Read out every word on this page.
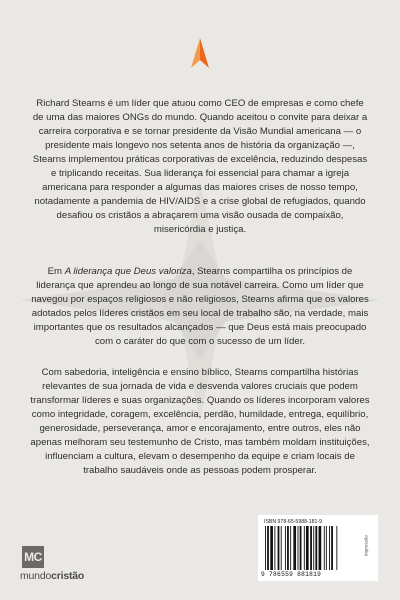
Richard Stearns é um líder que atuou como CEO de empresas e como chefe de uma das maiores ONGs do mundo. Quando aceitou o convite para deixar a carreira corporativa e se tornar presidente da Visão Mundial americana — o presidente mais longevo nos setenta anos de história da organização —, Stearns implementou práticas corporativas de excelência, reduzindo despesas e triplicando receitas. Sua liderança foi essencial para chamar a igreja americana para responder a algumas das maiores crises de nosso tempo, notadamente a pandemia de HIV/AIDS e a crise global de refugiados, quando desafiou os cristãos a abraçarem uma visão ousada de compaixão, misericórdia e justiça.

Em A liderança que Deus valoriza, Stearns compartilha os princípios de liderança que aprendeu ao longo de sua notável carreira. Como um líder que navegou por espaços religiosos e não religiosos, Stearns afirma que os valores adotados pelos líderes cristãos em seu local de trabalho são, na verdade, mais importantes que os resultados alcançados — que Deus está mais preocupado com o caráter do que com o sucesso de um líder.

Com sabedoria, inteligência e ensino bíblico, Stearns compartilha histórias relevantes de sua jornada de vida e desvenda valores cruciais que podem transformar líderes e suas organizações. Quando os líderes incorporam valores como integridade, coragem, excelência, perdão, humildade, entrega, equilíbrio, generosidade, perseverança, amor e encorajamento, entre outros, eles não apenas melhoram seu testemunho de Cristo, mas também moldam instituições, influenciam a cultura, elevam o desempenho da equipe e criam locais de trabalho saudáveis onde as pessoas podem prosperar.

MC
mundocristão
ISBN 978-65-5988-181-9
9 786559 881819
Impressão
